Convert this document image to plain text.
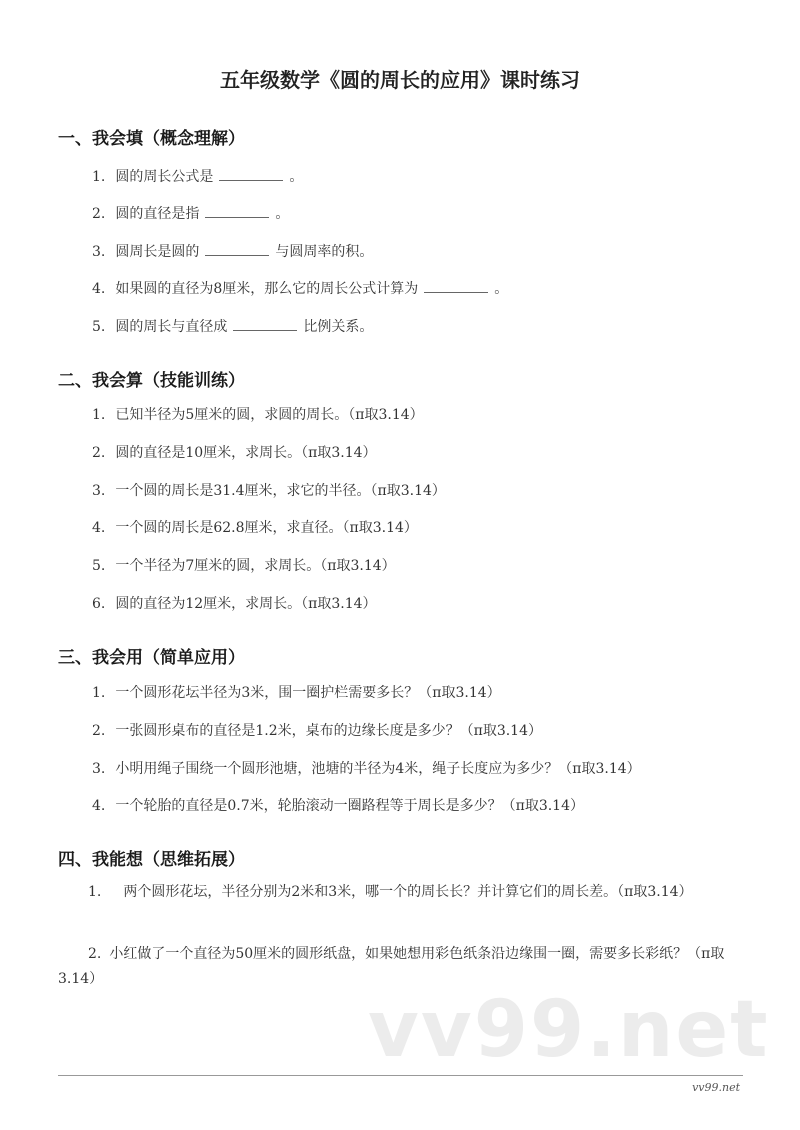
五年级数学《圆的周长的应用》课时练习
一、我会填（概念理解）
1. 圆的周长公式是	。
2. 圆的直径是指	。
3. 圆周长是圆的	与圆周率的积。
4. 如果圆的直径为8厘米，那么它的周长公式计算为	。
5. 圆的周长与直径成	比例关系。
二、我会算（技能训练）
1. 已知半径为5厘米的圆，求圆的周长。（π取3.14）
2. 圆的直径是10厘米，求周长。（π取3.14）
3. 一个圆的周长是31.4厘米，求它的半径。（π取3.14）
4. 一个圆的周长是62.8厘米，求直径。（π取3.14）
5. 一个半径为7厘米的圆，求周长。（π取3.14）
6. 圆的直径为12厘米，求周长。（π取3.14）
三、我会用（简单应用）
1. 一个圆形花坛半径为3米，围一圈护栏需要多长？（π取3.14）
2. 一张圆形桌布的直径是1.2米，桌布的边缘长度是多少？（π取3.14）
3. 小明用绳子围绕一个圆形池塘，池塘的半径为4米，绳子长度应为多少？（π取3.14）
4. 一个轮胎的直径是0.7米，轮胎滚动一圈路程等于周长是多少？（π取3.14）
四、我能想（思维拓展）
1. 两个圆形花坛，半径分别为2米和3米，哪一个的周长长？并计算它们的周长差。（π取3.14）
2. 小红做了一个直径为50厘米的圆形纸盘，如果她想用彩色纸条沿边缘围一圈，需要多长彩纸？（π取3.14）
vv99.net
vv99.net
